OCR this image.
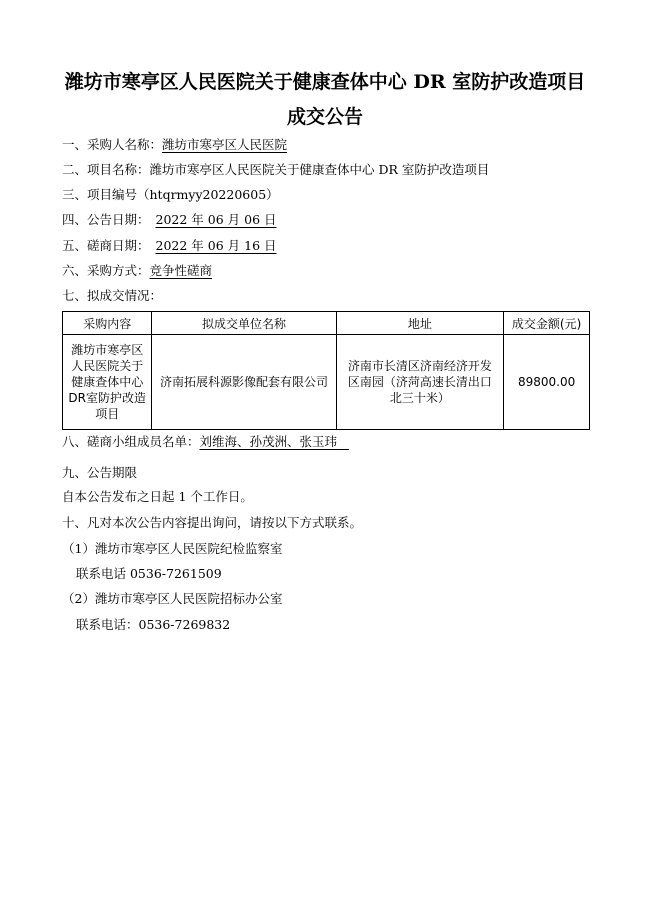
潍坊市寒亭区人民医院关于健康查体中心 DR 室防护改造项目
成交公告
一、采购人名称：潍坊市寒亭区人民医院
二、项目名称：潍坊市寒亭区人民医院关于健康查体中心 DR 室防护改造项目
三、项目编号（htqrmyy20220605）
四、公告日期： 2022 年 06 月 06 日
五、磋商日期： 2022 年 06 月 16 日
六、采购方式：竞争性磋商
七、拟成交情况：
采购内容	拟成交单位名称	地址	成交金额(元)
潍坊市寒亭区
人民医院关于
健康查体中心
DR室防护改造
项目	济南拓展科源影像配套有限公司	济南市长清区济南经济开发
区南园（济菏高速长清出口
北三十米）	89800.00
八、磋商小组成员名单：刘维海、孙茂洲、张玉玮
九、公告期限
自本公告发布之日起 1 个工作日。
十、凡对本次公告内容提出询问，请按以下方式联系。
（1）潍坊市寒亭区人民医院纪检监察室
联系电话 0536-7261509
（2）潍坊市寒亭区人民医院招标办公室
联系电话：0536-7269832
